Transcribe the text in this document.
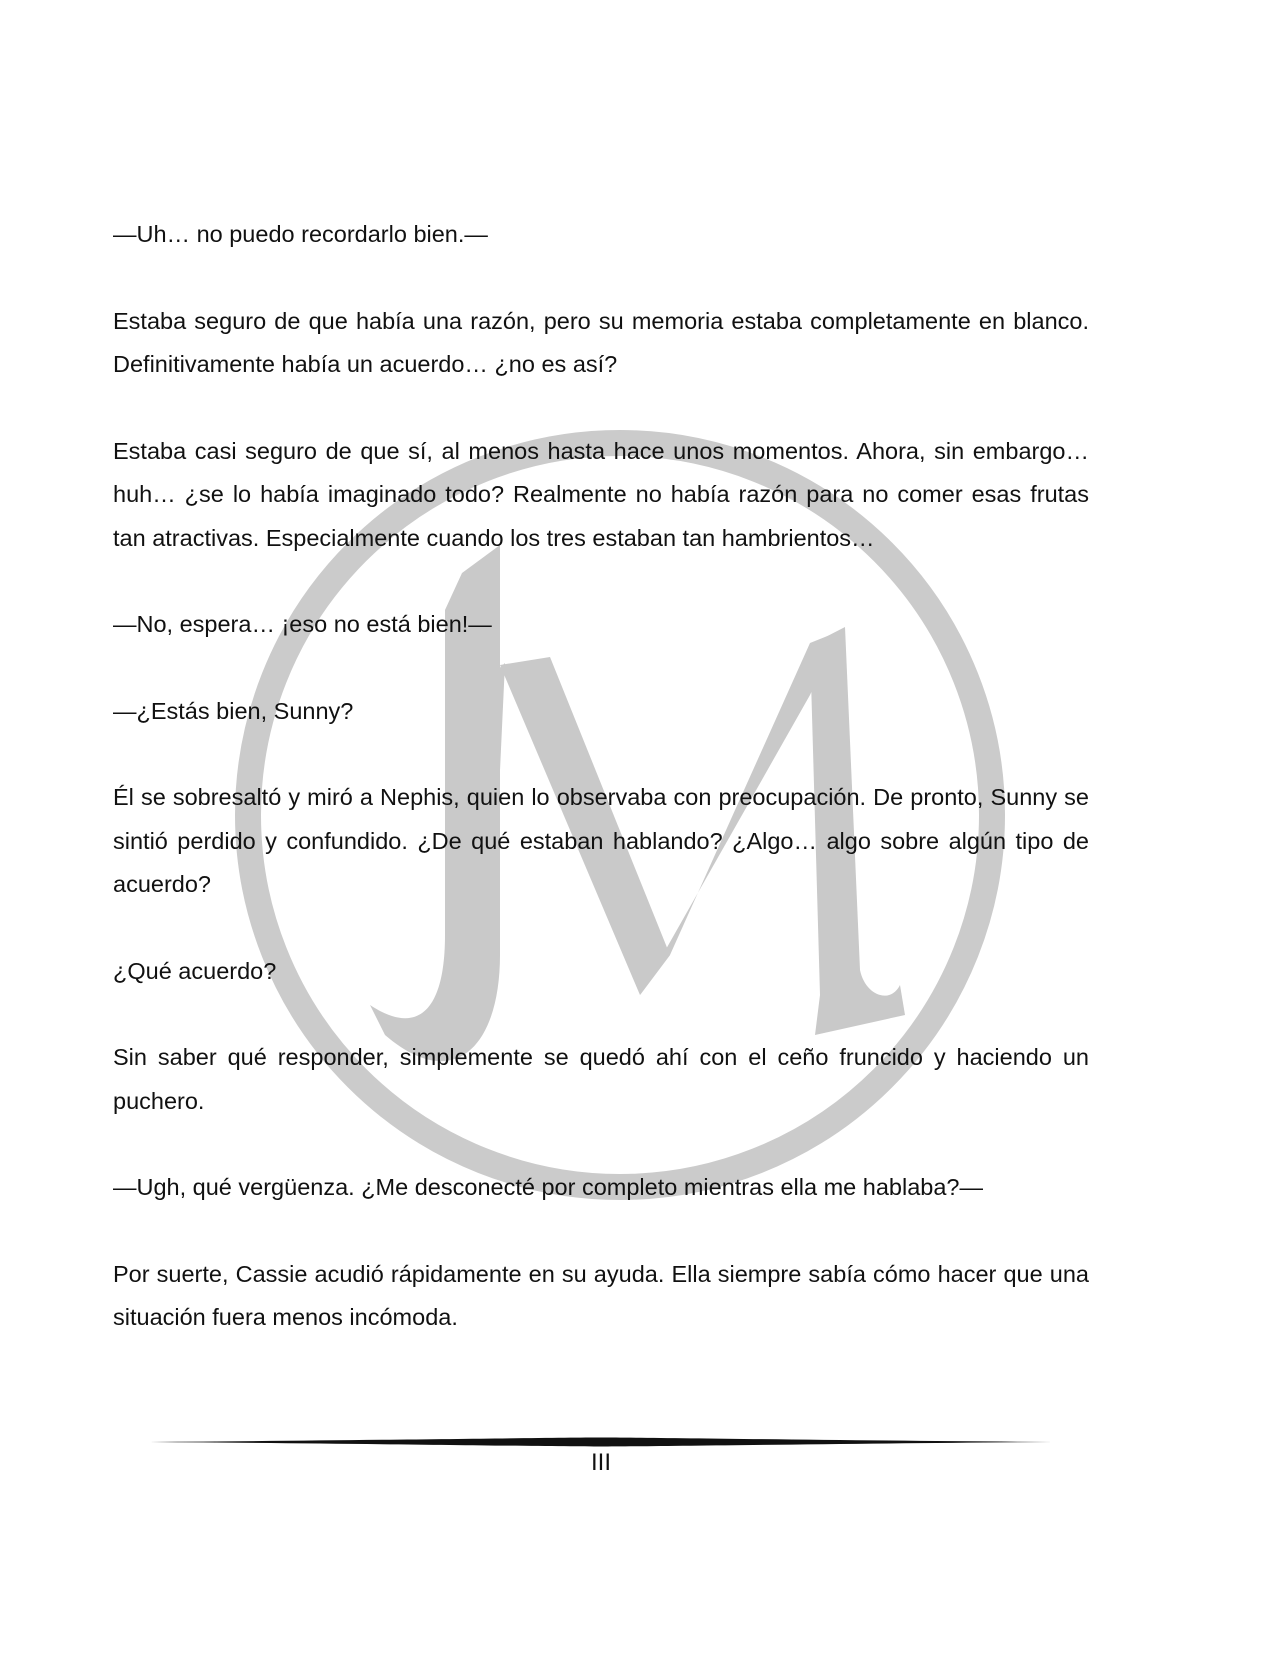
—Uh… no puedo recordarlo bien.—

Estaba seguro de que había una razón, pero su memoria estaba completamente en blanco. Definitivamente había un acuerdo… ¿no es así?

Estaba casi seguro de que sí, al menos hasta hace unos momentos. Ahora, sin embargo… huh… ¿se lo había imaginado todo? Realmente no había razón para no comer esas frutas tan atractivas. Especialmente cuando los tres estaban tan hambrientos…

—No, espera… ¡eso no está bien!—

—¿Estás bien, Sunny?

Él se sobresaltó y miró a Nephis, quien lo observaba con preocupación. De pronto, Sunny se sintió perdido y confundido. ¿De qué estaban hablando? ¿Algo… algo sobre algún tipo de acuerdo?

¿Qué acuerdo?

Sin saber qué responder, simplemente se quedó ahí con el ceño fruncido y haciendo un puchero.

—Ugh, qué vergüenza. ¿Me desconecté por completo mientras ella me hablaba?—

Por suerte, Cassie acudió rápidamente en su ayuda. Ella siempre sabía cómo hacer que una situación fuera menos incómoda.

III
